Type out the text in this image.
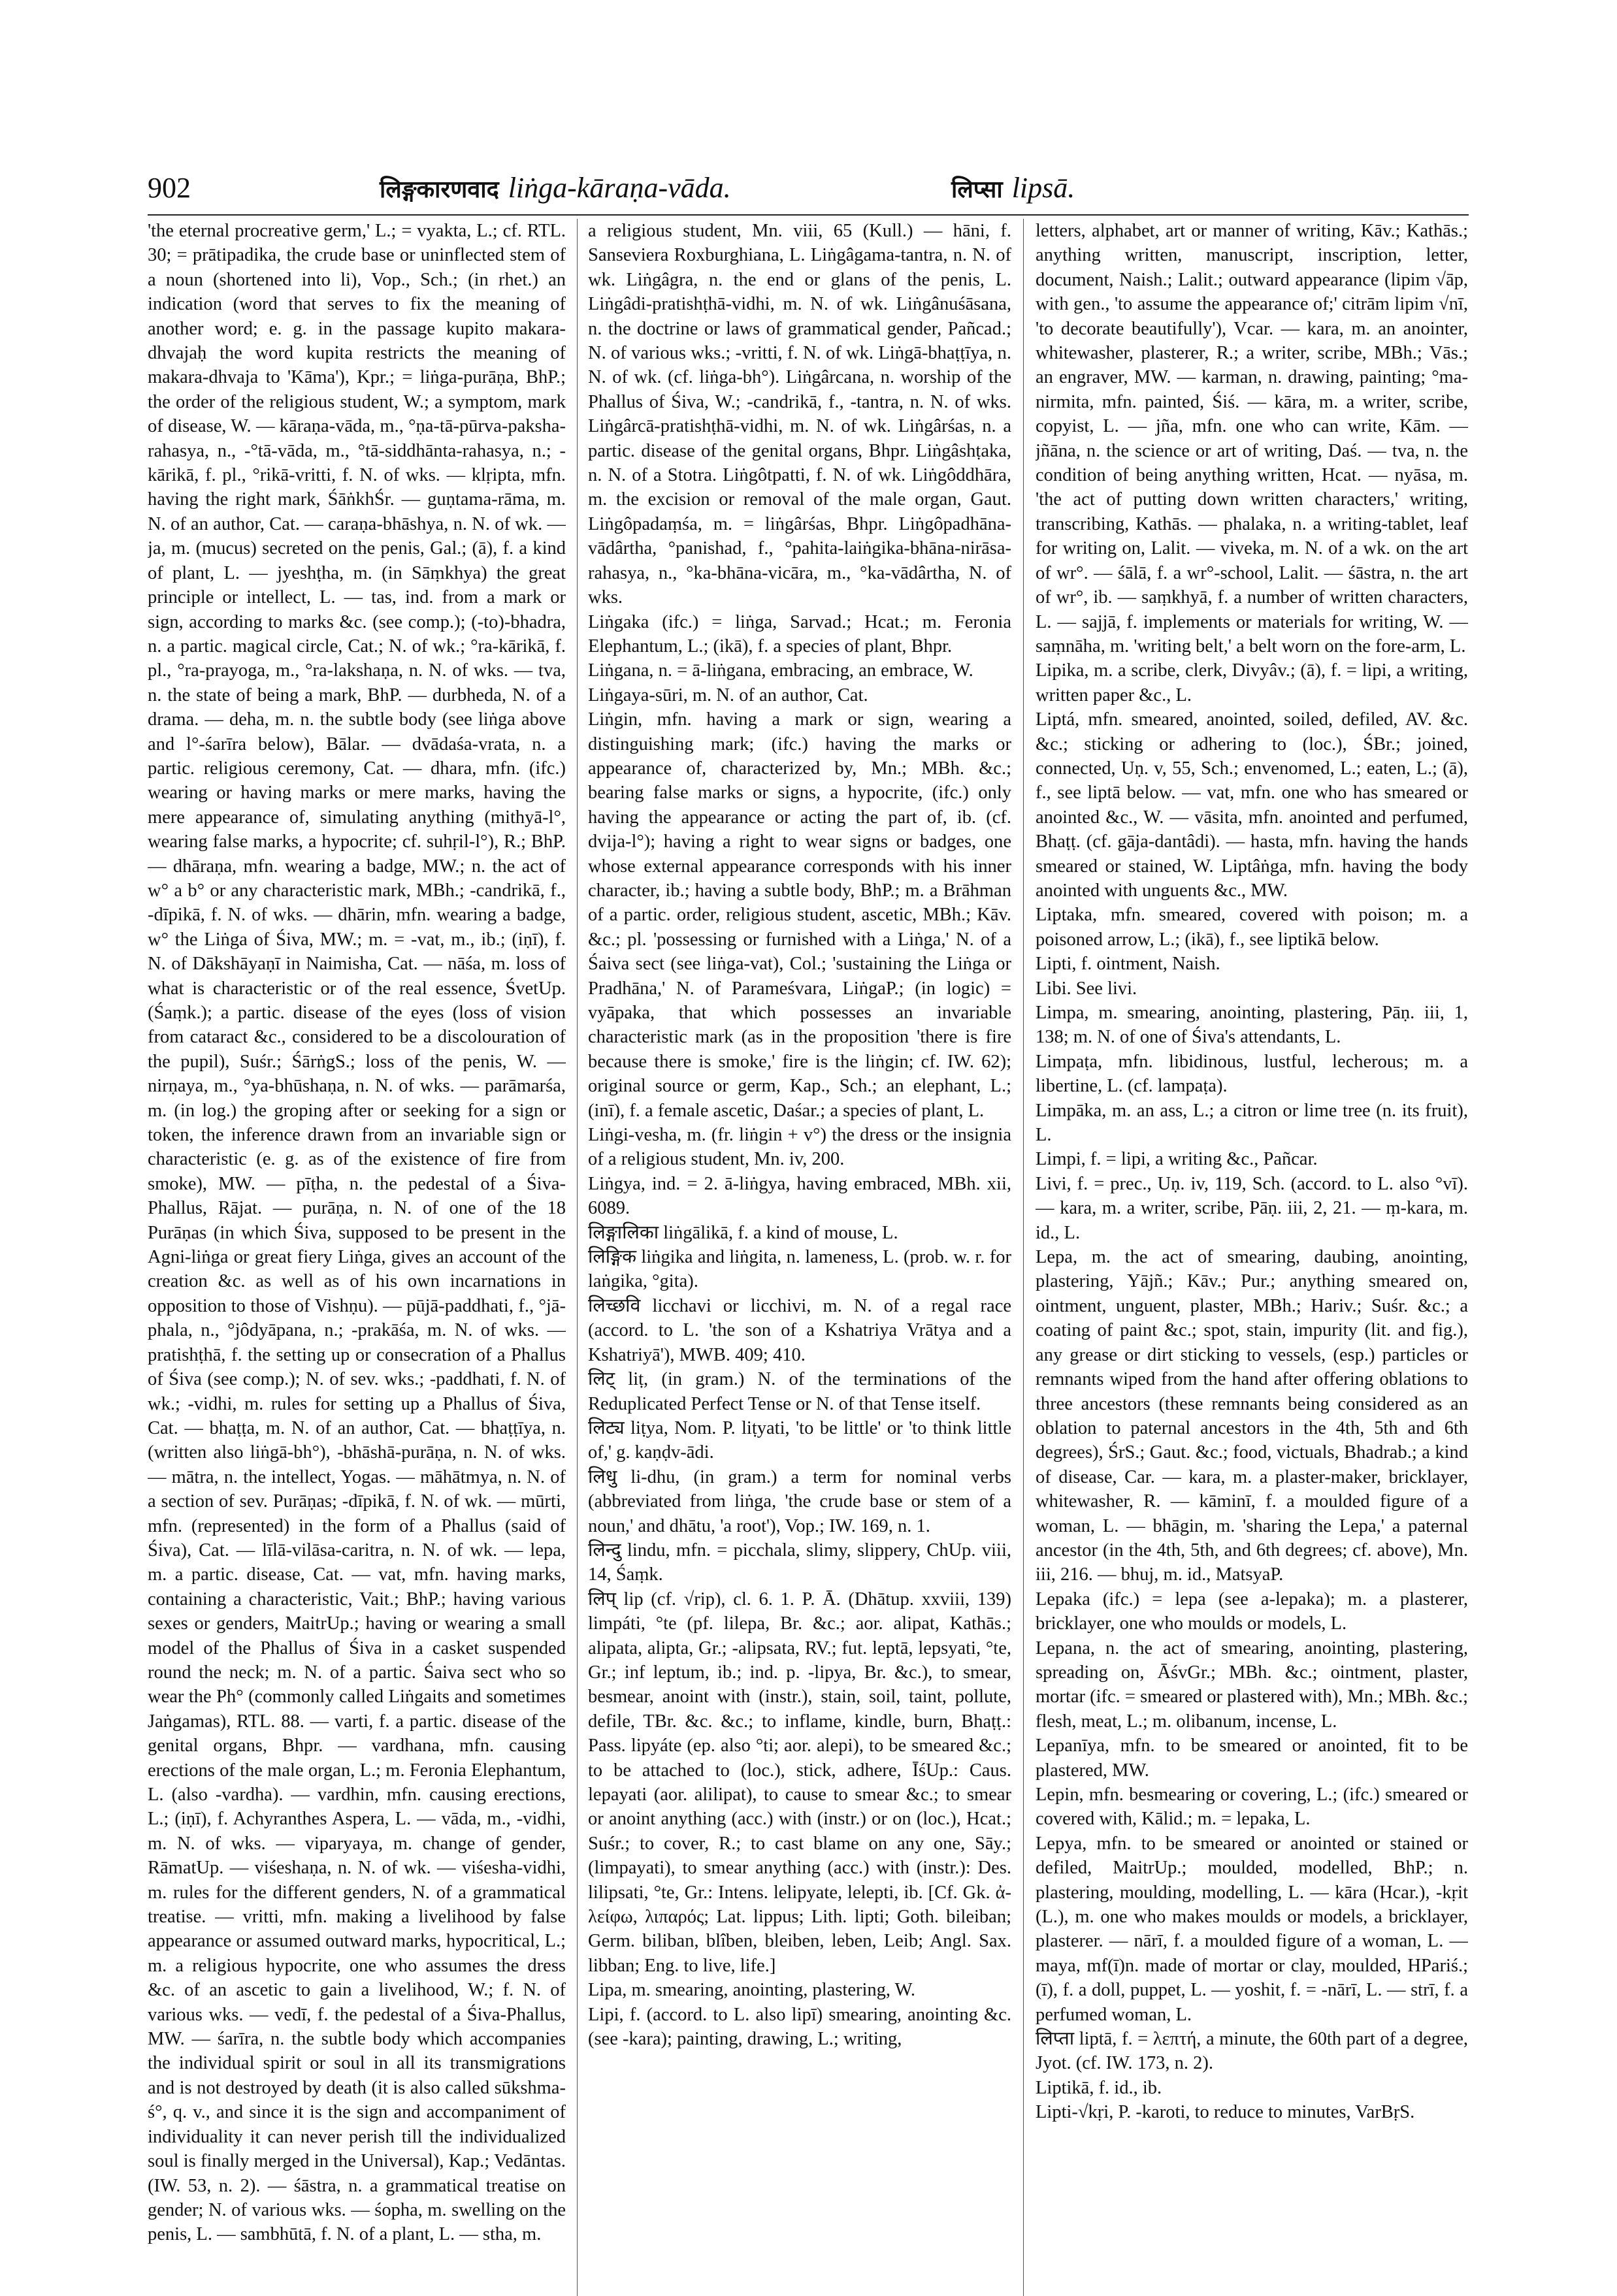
902	लिङ्गकारणवाद liṅga-kāraṇa-vāda.	लिप्सा lipsā.

'the eternal procreative germ,' L.; = vyakta, L.; cf. RTL. 30; = prātipadika, the crude base or uninflected stem of a noun (shortened into li), Vop., Sch.; (in rhet.) an indication (word that serves to fix the meaning of another word; e. g. in the passage kupito makara-dhvajaḥ the word kupita restricts the meaning of makara-dhvaja to 'Kāma'), Kpr.; = liṅga-purāṇa, BhP.; the order of the religious student, W.; a symptom, mark of disease, W. — kāraṇa-vāda, m., °ṇa-tā-pūrva-paksha-rahasya, n., -°tā-vāda, m., °tā-siddhānta-rahasya, n.; -kārikā, f. pl., °rikā-vritti, f. N. of wks. — klṛipta, mfn. having the right mark, ŚāṅkhŚr. — guṇtama-rāma, m. N. of an author, Cat. — caraṇa-bhāshya, n. N. of wk. — ja, m. (mucus) secreted on the penis, Gal.; (ā), f. a kind of plant, L. — jyeshṭha, m. (in Sāṃkhya) the great principle or intellect, L. — tas, ind. from a mark or sign, according to marks &c. (see comp.); (-to)-bhadra, n. a partic. magical circle, Cat.; N. of wk.; °ra-kārikā, f. pl., °ra-prayoga, m., °ra-lakshaṇa, n. N. of wks. — tva, n. the state of being a mark, BhP. — durbheda, N. of a drama. — deha, m. n. the subtle body (see liṅga above and l°-śarīra below), Bālar. — dvādaśa-vrata, n. a partic. religious ceremony, Cat. — dhara, mfn. (ifc.) wearing or having marks or mere marks, having the mere appearance of, simulating anything (mithyā-l°, wearing false marks, a hypocrite; cf. suhṛil-l°), R.; BhP. — dhāraṇa, mfn. wearing a badge, MW.; n. the act of w° a b° or any characteristic mark, MBh.; -candrikā, f., -dīpikā, f. N. of wks. — dhārin, mfn. wearing a badge, w° the Liṅga of Śiva, MW.; m. = -vat, m., ib.; (iṇī), f. N. of Dākshāyaṇī in Naimisha, Cat. — nāśa, m. loss of what is characteristic or of the real essence, ŚvetUp. (Śaṃk.); a partic. disease of the eyes (loss of vision from cataract &c., considered to be a discolouration of the pupil), Suśr.; ŚārṅgS.; loss of the penis, W. — nirṇaya, m., °ya-bhūshaṇa, n. N. of wks. — parāmarśa, m. (in log.) the groping after or seeking for a sign or token, the inference drawn from an invariable sign or characteristic (e. g. as of the existence of fire from smoke), MW. — pīṭha, n. the pedestal of a Śiva-Phallus, Rājat. — purāṇa, n. N. of one of the 18 Purāṇas (in which Śiva, supposed to be present in the Agni-liṅga or great fiery Liṅga, gives an account of the creation &c. as well as of his own incarnations in opposition to those of Vishṇu). — pūjā-paddhati, f., °jā-phala, n., °jôdyāpana, n.; -prakāśa, m. N. of wks. — pratishṭhā, f. the setting up or consecration of a Phallus of Śiva (see comp.); N. of sev. wks.; -paddhati, f. N. of wk.; -vidhi, m. rules for setting up a Phallus of Śiva, Cat. — bhaṭṭa, m. N. of an author, Cat. — bhaṭṭīya, n. (written also liṅgā-bh°), -bhāshā-purāṇa, n. N. of wks. — mātra, n. the intellect, Yogas. — māhātmya, n. N. of a section of sev. Purāṇas; -dīpikā, f. N. of wk. — mūrti, mfn. (represented) in the form of a Phallus (said of Śiva), Cat. — līlā-vilāsa-caritra, n. N. of wk. — lepa, m. a partic. disease, Cat. — vat, mfn. having marks, containing a characteristic, Vait.; BhP.; having various sexes or genders, MaitrUp.; having or wearing a small model of the Phallus of Śiva in a casket suspended round the neck; m. N. of a partic. Śaiva sect who so wear the Ph° (commonly called Liṅgaits and sometimes Jaṅgamas), RTL. 88. — varti, f. a partic. disease of the genital organs, Bhpr. — vardhana, mfn. causing erections of the male organ, L.; m. Feronia Elephantum, L. (also -vardha). — vardhin, mfn. causing erections, L.; (iṇī), f. Achyranthes Aspera, L. — vāda, m., -vidhi, m. N. of wks. — viparyaya, m. change of gender, RāmatUp. — viśeshaṇa, n. N. of wk. — viśesha-vidhi, m. rules for the different genders, N. of a grammatical treatise. — vritti, mfn. making a livelihood by false appearance or assumed outward marks, hypocritical, L.; m. a religious hypocrite, one who assumes the dress &c. of an ascetic to gain a livelihood, W.; f. N. of various wks. — vedī, f. the pedestal of a Śiva-Phallus, MW. — śarīra, n. the subtle body which accompanies the individual spirit or soul in all its transmigrations and is not destroyed by death (it is also called sūkshma-ś°, q. v., and since it is the sign and accompaniment of individuality it can never perish till the individualized soul is finally merged in the Universal), Kap.; Vedāntas. (IW. 53, n. 2). — śāstra, n. a grammatical treatise on gender; N. of various wks. — śopha, m. swelling on the penis, L. — sambhūtā, f. N. of a plant, L. — stha, m.

a religious student, Mn. viii, 65 (Kull.) — hāni, f. Sanseviera Roxburghiana, L. Liṅgâgama-tantra, n. N. of wk. Liṅgâgra, n. the end or glans of the penis, L. Liṅgâdi-pratishṭhā-vidhi, m. N. of wk. Liṅgânuśāsana, n. the doctrine or laws of grammatical gender, Pañcad.; N. of various wks.; -vritti, f. N. of wk. Liṅgā-bhaṭṭīya, n. N. of wk. (cf. liṅga-bh°). Liṅgârcana, n. worship of the Phallus of Śiva, W.; -candrikā, f., -tantra, n. N. of wks. Liṅgârcā-pratishṭhā-vidhi, m. N. of wk. Liṅgârśas, n. a partic. disease of the genital organs, Bhpr. Liṅgâshṭaka, n. N. of a Stotra. Liṅgôtpatti, f. N. of wk. Liṅgôddhāra, m. the excision or removal of the male organ, Gaut. Liṅgôpadaṃśa, m. = liṅgârśas, Bhpr. Liṅgôpadhāna-vādârtha, °panishad, f., °pahita-laiṅgika-bhāna-nirāsa-rahasya, n., °ka-bhāna-vicāra, m., °ka-vādârtha, N. of wks.

Liṅgaka (ifc.) = liṅga, Sarvad.; Hcat.; m. Feronia Elephantum, L.; (ikā), f. a species of plant, Bhpr.

Liṅgana, n. = ā-liṅgana, embracing, an embrace, W.

Liṅgaya-sūri, m. N. of an author, Cat.

Liṅgin, mfn. having a mark or sign, wearing a distinguishing mark; (ifc.) having the marks or appearance of, characterized by, Mn.; MBh. &c.; bearing false marks or signs, a hypocrite, (ifc.) only having the appearance or acting the part of, ib. (cf. dvija-l°); having a right to wear signs or badges, one whose external appearance corresponds with his inner character, ib.; having a subtle body, BhP.; m. a Brāhman of a partic. order, religious student, ascetic, MBh.; Kāv. &c.; pl. 'possessing or furnished with a Liṅga,' N. of a Śaiva sect (see liṅga-vat), Col.; 'sustaining the Liṅga or Pradhāna,' N. of Parameśvara, LiṅgaP.; (in logic) = vyāpaka, that which possesses an invariable characteristic mark (as in the proposition 'there is fire because there is smoke,' fire is the liṅgin; cf. IW. 62); original source or germ, Kap., Sch.; an elephant, L.; (inī), f. a female ascetic, Daśar.; a species of plant, L.

Liṅgi-vesha, m. (fr. liṅgin + v°) the dress or the insignia of a religious student, Mn. iv, 200.

Liṅgya, ind. = 2. ā-liṅgya, having embraced, MBh. xii, 6089.

लिङ्गालिका liṅgālikā, f. a kind of mouse, L.

लिङ्गिक liṅgika and liṅgita, n. lameness, L. (prob. w. r. for laṅgika, °gita).

लिच्छवि licchavi or licchivi, m. N. of a regal race (accord. to L. 'the son of a Kshatriya Vrātya and a Kshatriyā'), MWB. 409; 410.

लिट् liṭ, (in gram.) N. of the terminations of the Reduplicated Perfect Tense or N. of that Tense itself.

लिट्य liṭya, Nom. P. liṭyati, 'to be little' or 'to think little of,' g. kaṇḍv-ādi.

लिधु li-dhu, (in gram.) a term for nominal verbs (abbreviated from liṅga, 'the crude base or stem of a noun,' and dhātu, 'a root'), Vop.; IW. 169, n. 1.

लिन्दु lindu, mfn. = picchala, slimy, slippery, ChUp. viii, 14, Śaṃk.

लिप् lip (cf. √rip), cl. 6. 1. P. Ā. (Dhātup. xxviii, 139) limpáti, °te (pf. lilepa, Br. &c.; aor. alipat, Kathās.; alipata, alipta, Gr.; -alipsata, RV.; fut. leptā, lepsyati, °te, Gr.; inf leptum, ib.; ind. p. -lipya, Br. &c.), to smear, besmear, anoint with (instr.), stain, soil, taint, pollute, defile, TBr. &c. &c.; to inflame, kindle, burn, Bhaṭṭ.: Pass. lipyáte (ep. also °ti; aor. alepi), to be smeared &c.; to be attached to (loc.), stick, adhere, ĪśUp.: Caus. lepayati (aor. alilipat), to cause to smear &c.; to smear or anoint anything (acc.) with (instr.) or on (loc.), Hcat.; Suśr.; to cover, R.; to cast blame on any one, Sāy.; (limpayati), to smear anything (acc.) with (instr.): Des. lilipsati, °te, Gr.: Intens. lelipyate, lelepti, ib. [Cf. Gk. ἀ-λείφω, λιπαρός; Lat. lippus; Lith. lipti; Goth. bileiban; Germ. biliban, blîben, bleiben, leben, Leib; Angl. Sax. libban; Eng. to live, life.]

Lipa, m. smearing, anointing, plastering, W.

Lipi, f. (accord. to L. also lipī) smearing, anointing &c. (see -kara); painting, drawing, L.; writing,

letters, alphabet, art or manner of writing, Kāv.; Kathās.; anything written, manuscript, inscription, letter, document, Naish.; Lalit.; outward appearance (lipim √āp, with gen., 'to assume the appearance of;' citrām lipim √nī, 'to decorate beautifully'), Vcar. — kara, m. an anointer, whitewasher, plasterer, R.; a writer, scribe, MBh.; Vās.; an engraver, MW. — karman, n. drawing, painting; °ma-nirmita, mfn. painted, Śiś. — kāra, m. a writer, scribe, copyist, L. — jña, mfn. one who can write, Kām. — jñāna, n. the science or art of writing, Daś. — tva, n. the condition of being anything written, Hcat. — nyāsa, m. 'the act of putting down written characters,' writing, transcribing, Kathās. — phalaka, n. a writing-tablet, leaf for writing on, Lalit. — viveka, m. N. of a wk. on the art of wr°. — śālā, f. a wr°-school, Lalit. — śāstra, n. the art of wr°, ib. — saṃkhyā, f. a number of written characters, L. — sajjā, f. implements or materials for writing, W. — saṃnāha, m. 'writing belt,' a belt worn on the fore-arm, L.

Lipika, m. a scribe, clerk, Divyâv.; (ā), f. = lipi, a writing, written paper &c., L.

Liptá, mfn. smeared, anointed, soiled, defiled, AV. &c. &c.; sticking or adhering to (loc.), ŚBr.; joined, connected, Uṇ. v, 55, Sch.; envenomed, L.; eaten, L.; (ā), f., see liptā below. — vat, mfn. one who has smeared or anointed &c., W. — vāsita, mfn. anointed and perfumed, Bhaṭṭ. (cf. gāja-dantâdi). — hasta, mfn. having the hands smeared or stained, W. Liptâṅga, mfn. having the body anointed with unguents &c., MW.

Liptaka, mfn. smeared, covered with poison; m. a poisoned arrow, L.; (ikā), f., see liptikā below.

Lipti, f. ointment, Naish.

Libi. See livi.

Limpa, m. smearing, anointing, plastering, Pāṇ. iii, 1, 138; m. N. of one of Śiva's attendants, L.

Limpaṭa, mfn. libidinous, lustful, lecherous; m. a libertine, L. (cf. lampaṭa).

Limpāka, m. an ass, L.; a citron or lime tree (n. its fruit), L.

Limpi, f. = lipi, a writing &c., Pañcar.

Livi, f. = prec., Uṇ. iv, 119, Sch. (accord. to L. also °vī). — kara, m. a writer, scribe, Pāṇ. iii, 2, 21. — ṃ-kara, m. id., L.

Lepa, m. the act of smearing, daubing, anointing, plastering, Yājñ.; Kāv.; Pur.; anything smeared on, ointment, unguent, plaster, MBh.; Hariv.; Suśr. &c.; a coating of paint &c.; spot, stain, impurity (lit. and fig.), any grease or dirt sticking to vessels, (esp.) particles or remnants wiped from the hand after offering oblations to three ancestors (these remnants being considered as an oblation to paternal ancestors in the 4th, 5th and 6th degrees), ŚrS.; Gaut. &c.; food, victuals, Bhadrab.; a kind of disease, Car. — kara, m. a plaster-maker, bricklayer, whitewasher, R. — kāminī, f. a moulded figure of a woman, L. — bhāgin, m. 'sharing the Lepa,' a paternal ancestor (in the 4th, 5th, and 6th degrees; cf. above), Mn. iii, 216. — bhuj, m. id., MatsyaP.

Lepaka (ifc.) = lepa (see a-lepaka); m. a plasterer, bricklayer, one who moulds or models, L.

Lepana, n. the act of smearing, anointing, plastering, spreading on, ĀśvGr.; MBh. &c.; ointment, plaster, mortar (ifc. = smeared or plastered with), Mn.; MBh. &c.; flesh, meat, L.; m. olibanum, incense, L.

Lepanīya, mfn. to be smeared or anointed, fit to be plastered, MW.

Lepin, mfn. besmearing or covering, L.; (ifc.) smeared or covered with, Kālid.; m. = lepaka, L.

Lepya, mfn. to be smeared or anointed or stained or defiled, MaitrUp.; moulded, modelled, BhP.; n. plastering, moulding, modelling, L. — kāra (Hcar.), -kṛit (L.), m. one who makes moulds or models, a bricklayer, plasterer. — nārī, f. a moulded figure of a woman, L. — maya, mf(ī)n. made of mortar or clay, moulded, HPariś.; (ī), f. a doll, puppet, L. — yoshit, f. = -nārī, L. — strī, f. a perfumed woman, L.

लिप्ता liptā, f. = λεπτή, a minute, the 60th part of a degree, Jyot. (cf. IW. 173, n. 2).

Liptikā, f. id., ib.

Lipti-√kṛi, P. -karoti, to reduce to minutes, VarBṛS.
